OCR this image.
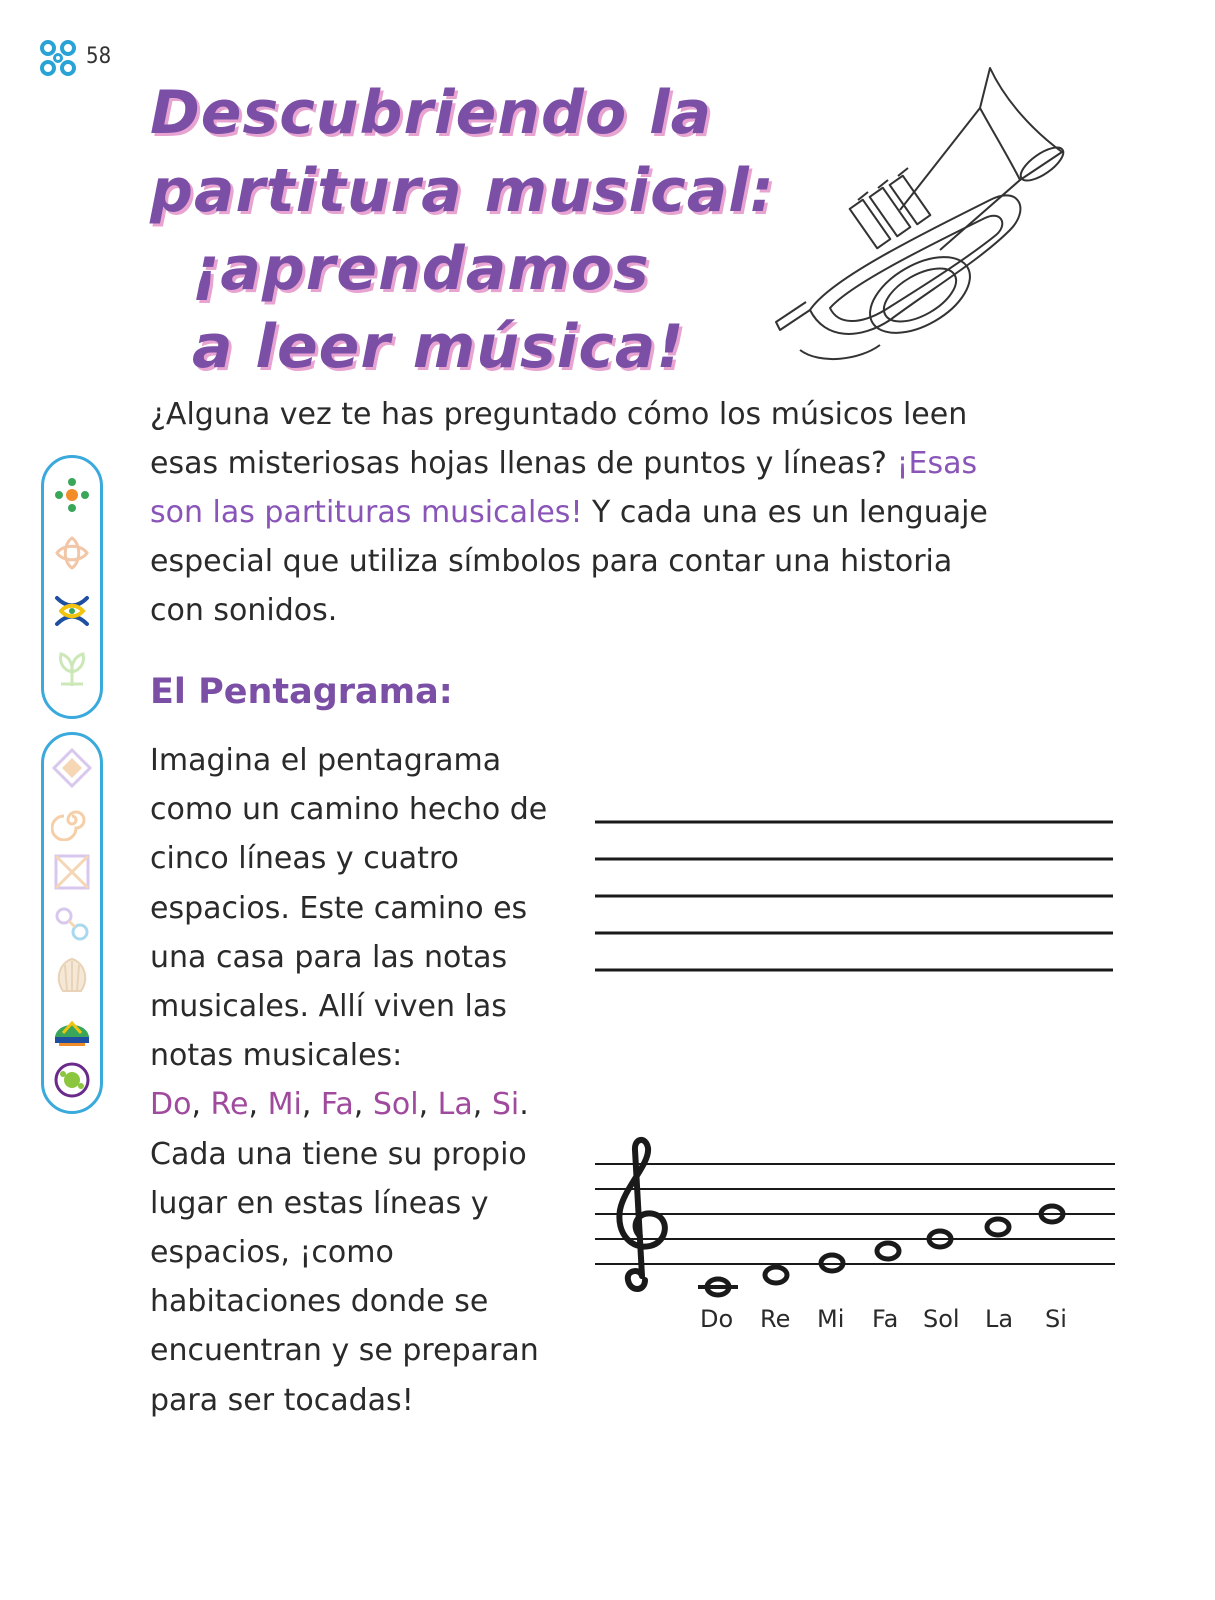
58
Descubriendo la
partitura musical:
¡aprendamos
a leer música!

¿Alguna vez te has preguntado cómo los músicos leen esas misteriosas hojas llenas de puntos y líneas? ¡Esas son las partituras musicales! Y cada una es un lenguaje especial que utiliza símbolos para contar una historia con sonidos.

El Pentagrama:

Imagina el pentagrama como un camino hecho de cinco líneas y cuatro espacios. Este camino es una casa para las notas musicales. Allí viven las notas musicales:
Do, Re, Mi, Fa, Sol, La, Si.
Cada una tiene su propio lugar en estas líneas y espacios, ¡como habitaciones donde se encuentran y se preparan para ser tocadas!

Do Re Mi Fa Sol La Si
